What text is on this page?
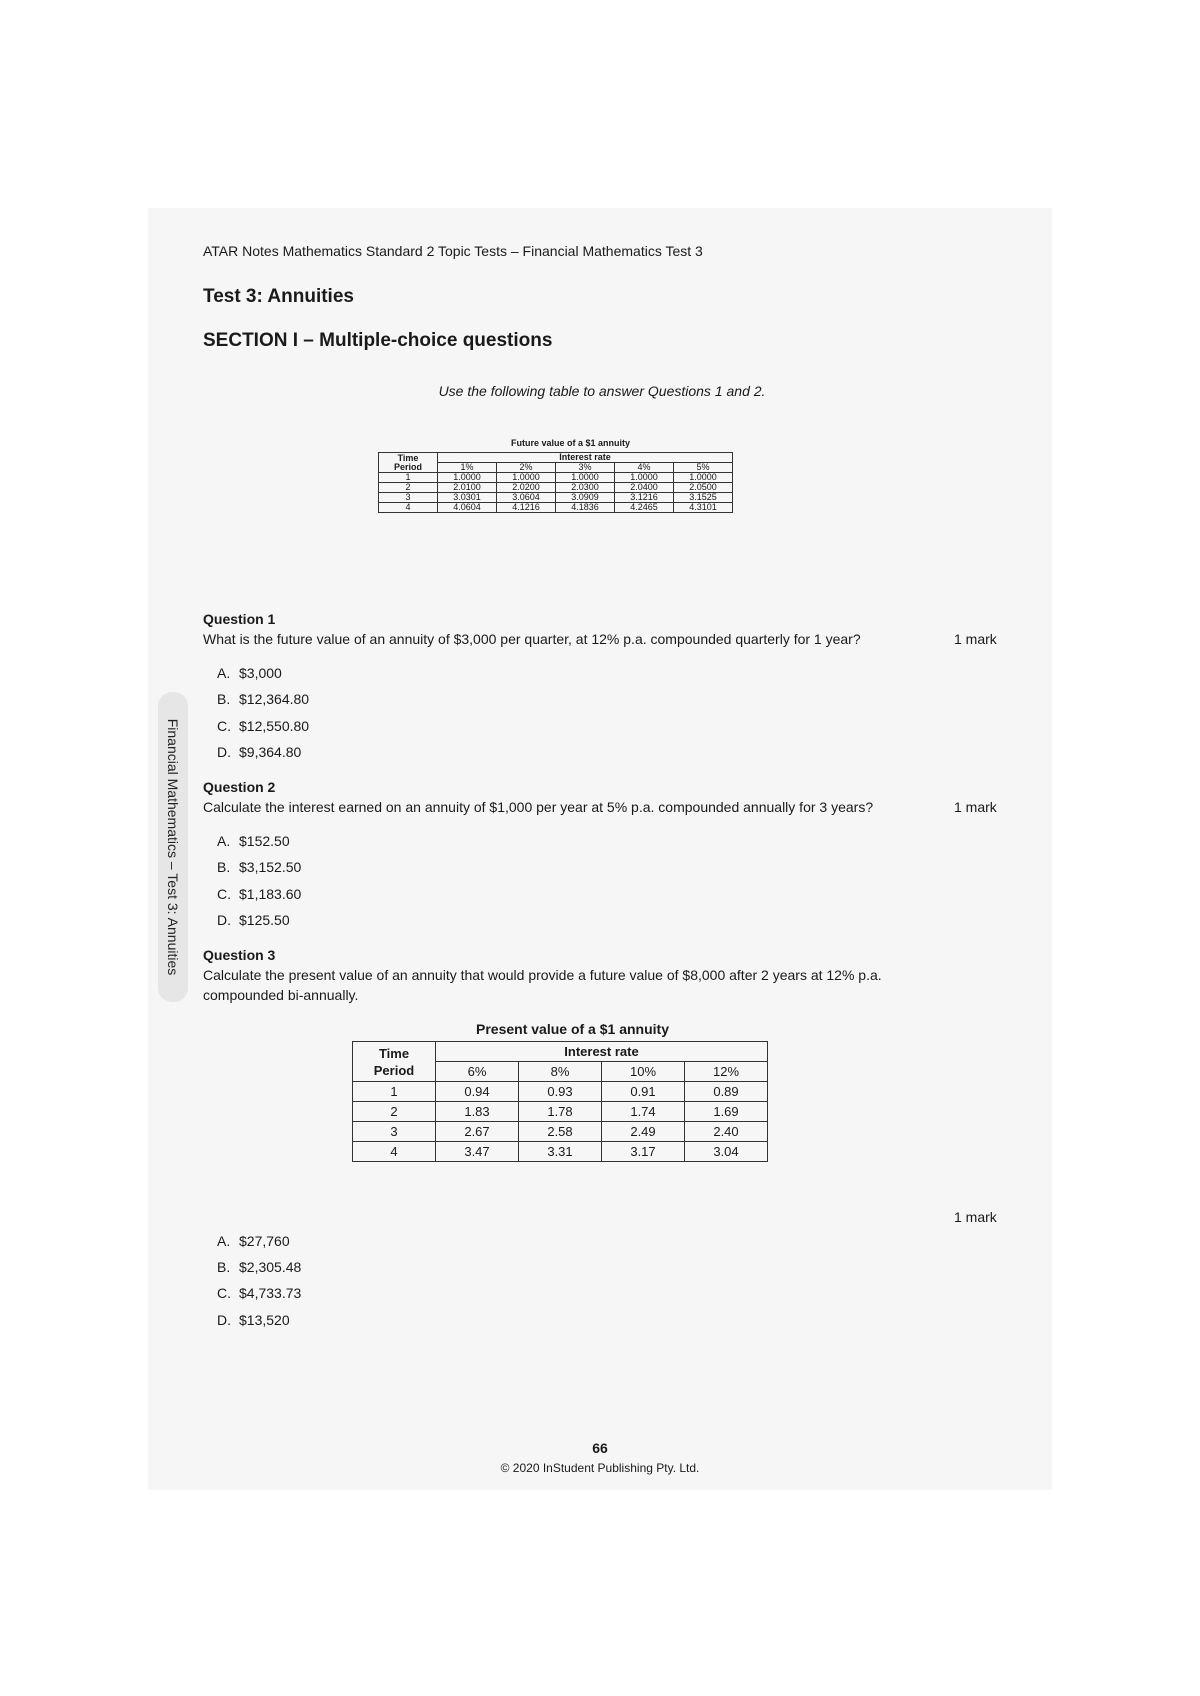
ATAR Notes Mathematics Standard 2 Topic Tests – Financial Mathematics Test 3
Test 3: Annuities
SECTION I – Multiple-choice questions
Use the following table to answer Questions 1 and 2.
Financial Mathematics – Test 3: Annuities
Future value of a $1 annuity
Time
Period	Interest rate				
	1%	2%	3%	4%	5%
1	1.0000	1.0000	1.0000	1.0000	1.0000
2	2.0100	2.0200	2.0300	2.0400	2.0500
3	3.0301	3.0604	3.0909	3.1216	3.1525
4	4.0604	4.1216	4.1836	4.2465	4.3101
Question 1
What is the future value of an annuity of $3,000 per quarter, at 12% p.a. compounded quarterly for 1 year?	1 mark
A. $3,000
B. $12,364.80
C. $12,550.80
D. $9,364.80
Question 2
Calculate the interest earned on an annuity of $1,000 per year at 5% p.a. compounded annually for 3 years?	1 mark
A. $152.50
B. $3,152.50
C. $1,183.60
D. $125.50
Question 3
Calculate the present value of an annuity that would provide a future value of $8,000 after 2 years at 12% p.a.
compounded bi-annually.
Present value of a $1 annuity
Time
Period	Interest rate			
	6%	8%	10%	12%
1	0.94	0.93	0.91	0.89
2	1.83	1.78	1.74	1.69
3	2.67	2.58	2.49	2.40
4	3.47	3.31	3.17	3.04
1 mark
A. $27,760
B. $2,305.48
C. $4,733.73
D. $13,520
66
© 2020 InStudent Publishing Pty. Ltd.
